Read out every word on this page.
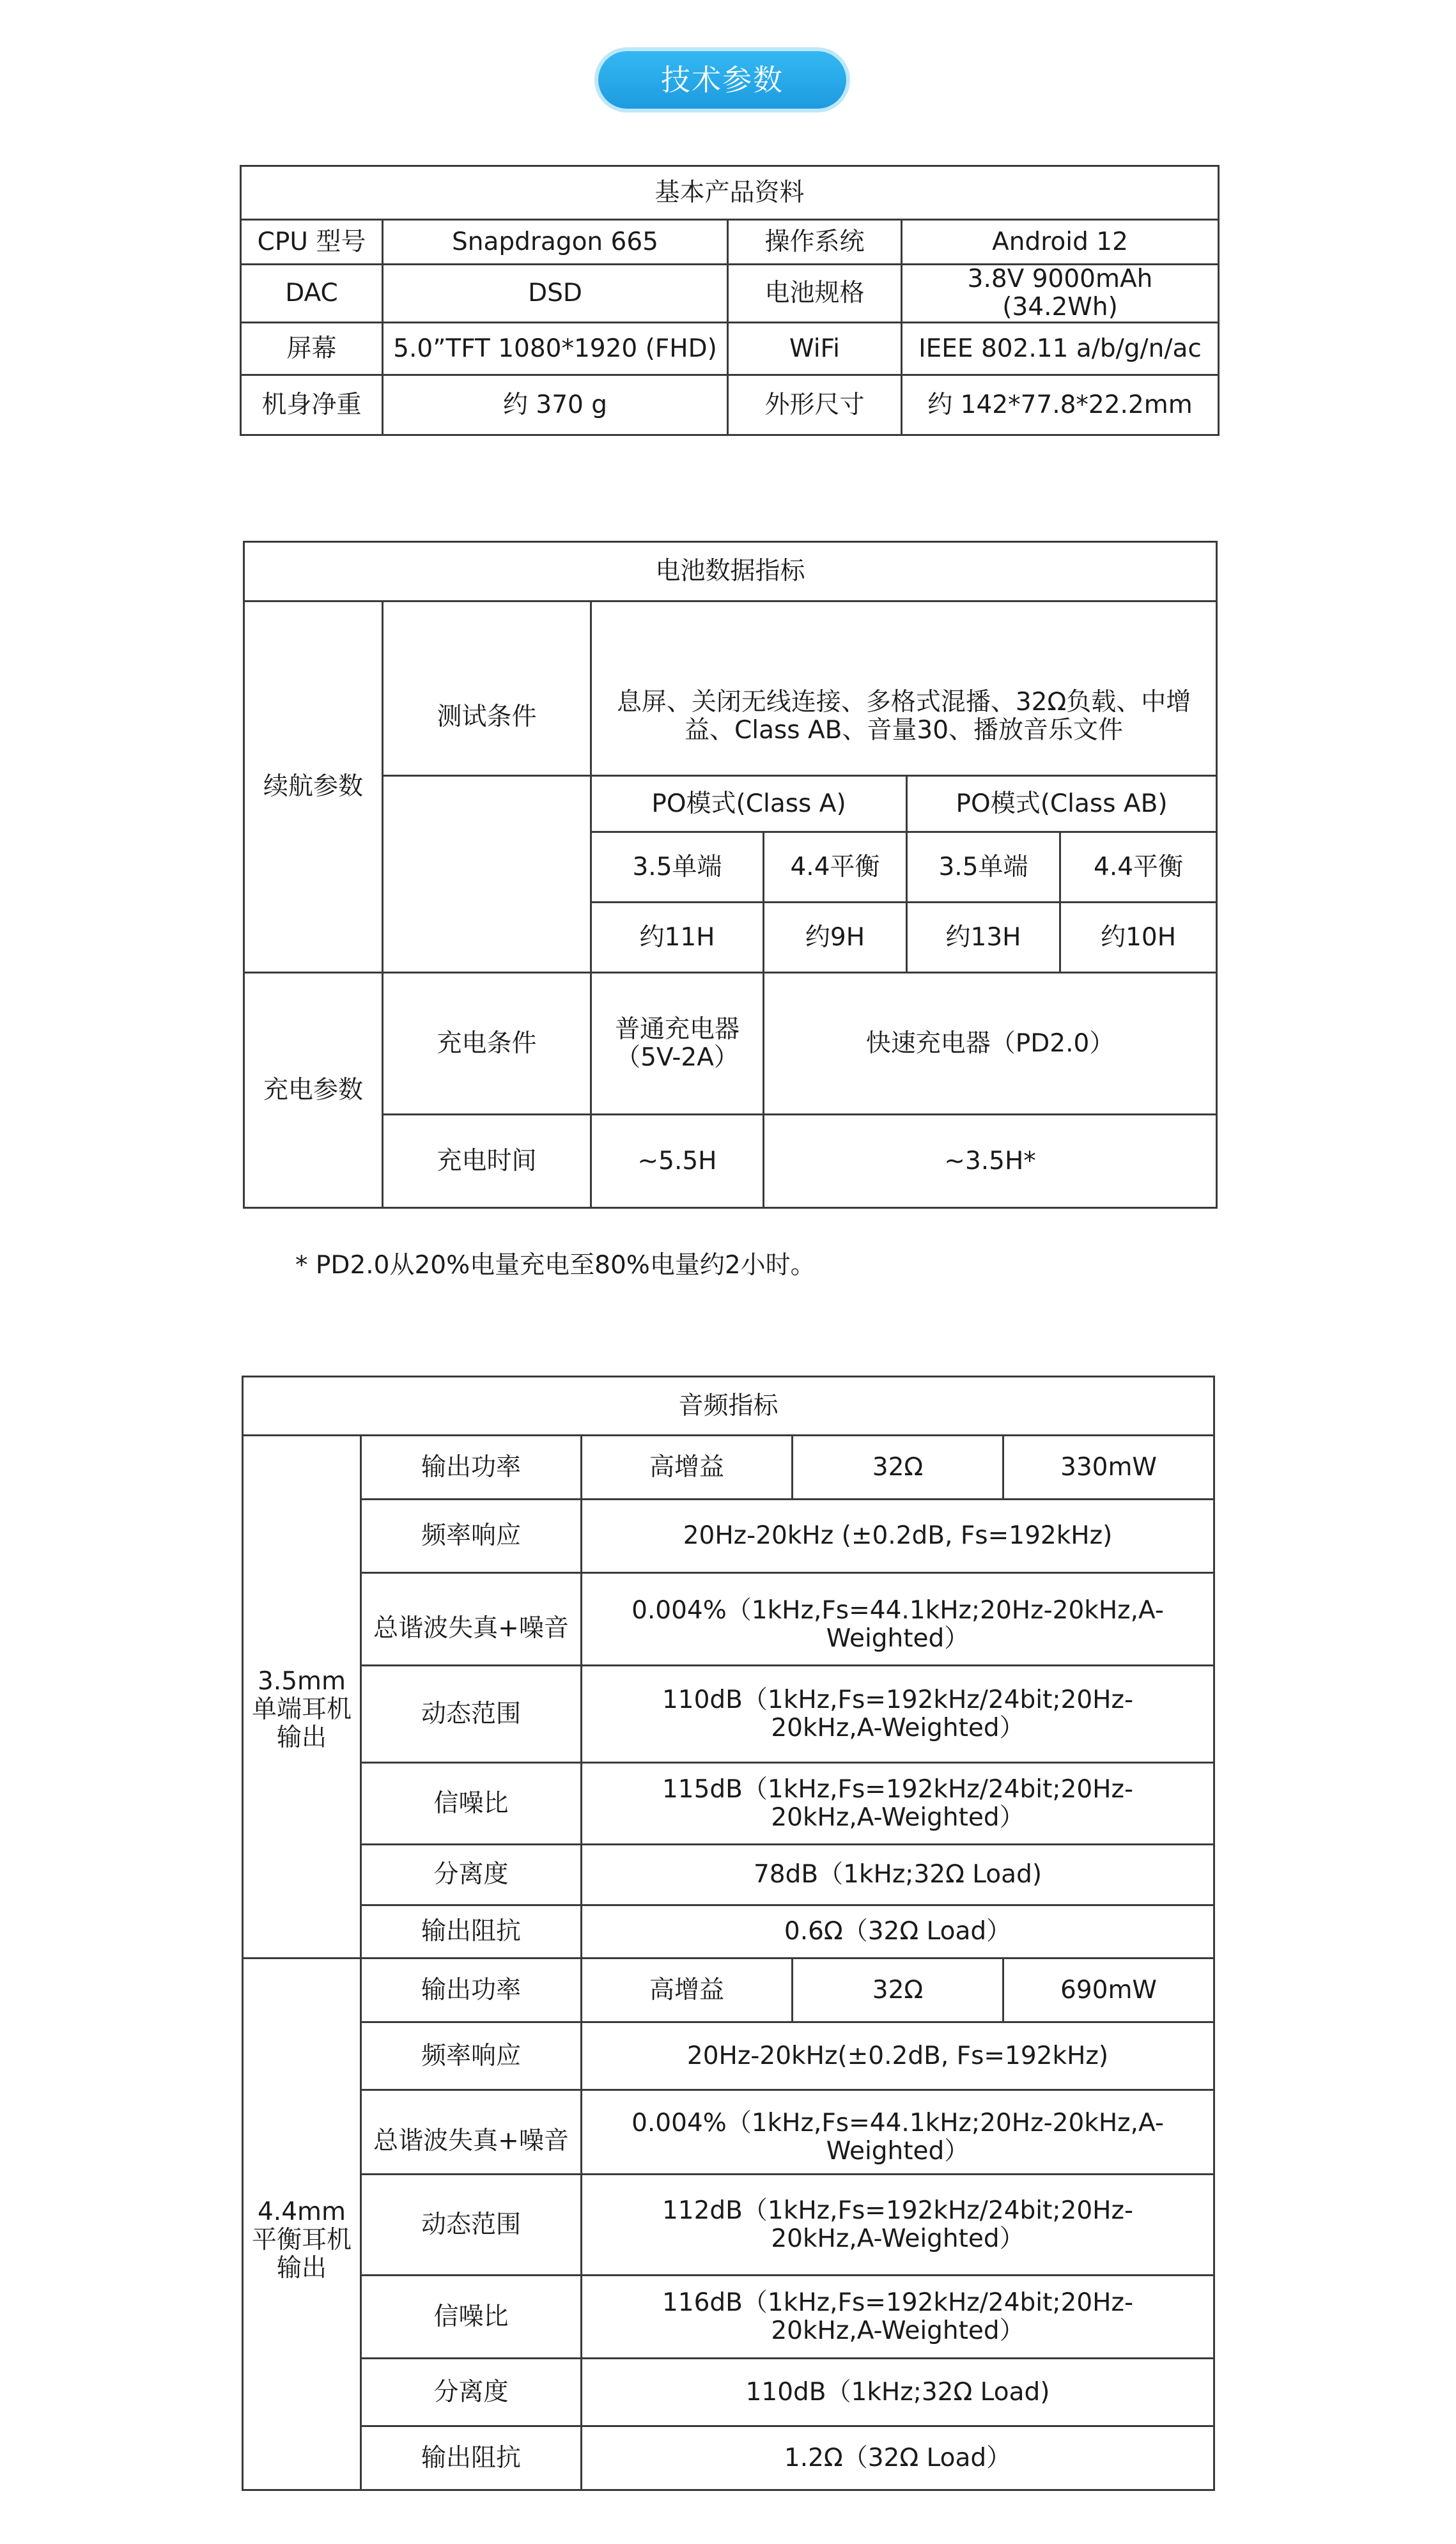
技术参数
基本产品资料			
CPU 型号	Snapdragon 665	操作系统	Android 12
DAC	DSD	电池规格	3.8V 9000mAh (34.2Wh)
屏幕	5.0”TFT 1080*1920 (FHD)	WiFi	IEEE 802.11 a/b/g/n/ac
机身净重	约 370 g	外形尺寸	约 142*77.8*22.2mm
电池数据指标					
续航参数	测试条件	息屏、关闭无线连接、多格式混播、32Ω负载、中增益、Class AB、音量30、播放音乐文件			
		PO模式(Class A)		PO模式(Class AB)	
		3.5单端	4.4平衡	3.5单端	4.4平衡
		约11H	约9H	约13H	约10H
充电参数	充电条件	普通充电器（5V-2A）	快速充电器（PD2.0）		
	充电时间	~5.5H	~3.5H*		
* PD2.0从20%电量充电至80%电量约2小时。
音频指标				
3.5mm单端耳机输出	输出功率	高增益	32Ω	330mW
	频率响应	20Hz-20kHz (±0.2dB, Fs=192kHz)		
	总谐波失真+噪音	0.004%（1kHz,Fs=44.1kHz;20Hz-20kHz,A-Weighted）		
	动态范围	110dB（1kHz,Fs=192kHz/24bit;20Hz-20kHz,A-Weighted）		
	信噪比	115dB（1kHz,Fs=192kHz/24bit;20Hz-20kHz,A-Weighted）		
	分离度	78dB（1kHz;32Ω Load)		
	输出阻抗	0.6Ω（32Ω Load）		
4.4mm平衡耳机输出	输出功率	高增益	32Ω	690mW
	频率响应	20Hz-20kHz(±0.2dB, Fs=192kHz)		
	总谐波失真+噪音	0.004%（1kHz,Fs=44.1kHz;20Hz-20kHz,A-Weighted）		
	动态范围	112dB（1kHz,Fs=192kHz/24bit;20Hz-20kHz,A-Weighted）		
	信噪比	116dB（1kHz,Fs=192kHz/24bit;20Hz-20kHz,A-Weighted）		
	分离度	110dB（1kHz;32Ω Load)		
	输出阻抗	1.2Ω（32Ω Load）		
